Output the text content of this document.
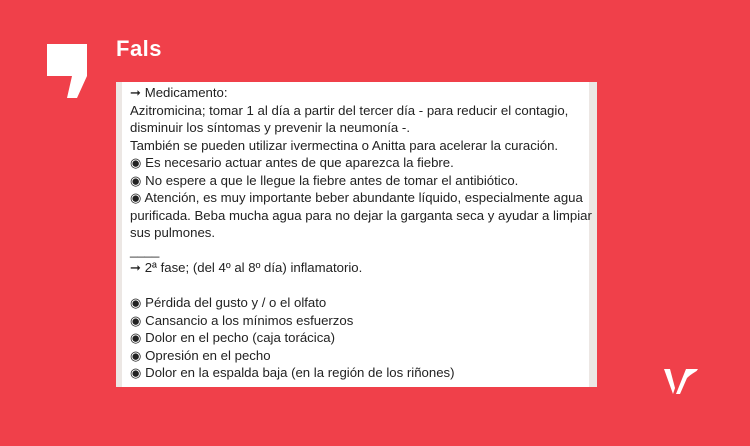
Fals
➞ Medicamento:
Azitromicina; tomar 1 al día a partir del tercer día - para reducir el contagio,
disminuir los síntomas y prevenir la neumonía -.
También se pueden utilizar ivermectina o Anitta para acelerar la curación.
◉ Es necesario actuar antes de que aparezca la fiebre.
◉ No espere a que le llegue la fiebre antes de tomar el antibiótico.
◉ Atención, es muy importante beber abundante líquido, especialmente agua
purificada. Beba mucha agua para no dejar la garganta seca y ayudar a limpiar
sus pulmones.
____
➞ 2ª fase; (del 4º al 8º día) inflamatorio.
◉ Pérdida del gusto y / o el olfato
◉ Cansancio a los mínimos esfuerzos
◉ Dolor en el pecho (caja torácica)
◉ Opresión en el pecho
◉ Dolor en la espalda baja (en la región de los riñones)
